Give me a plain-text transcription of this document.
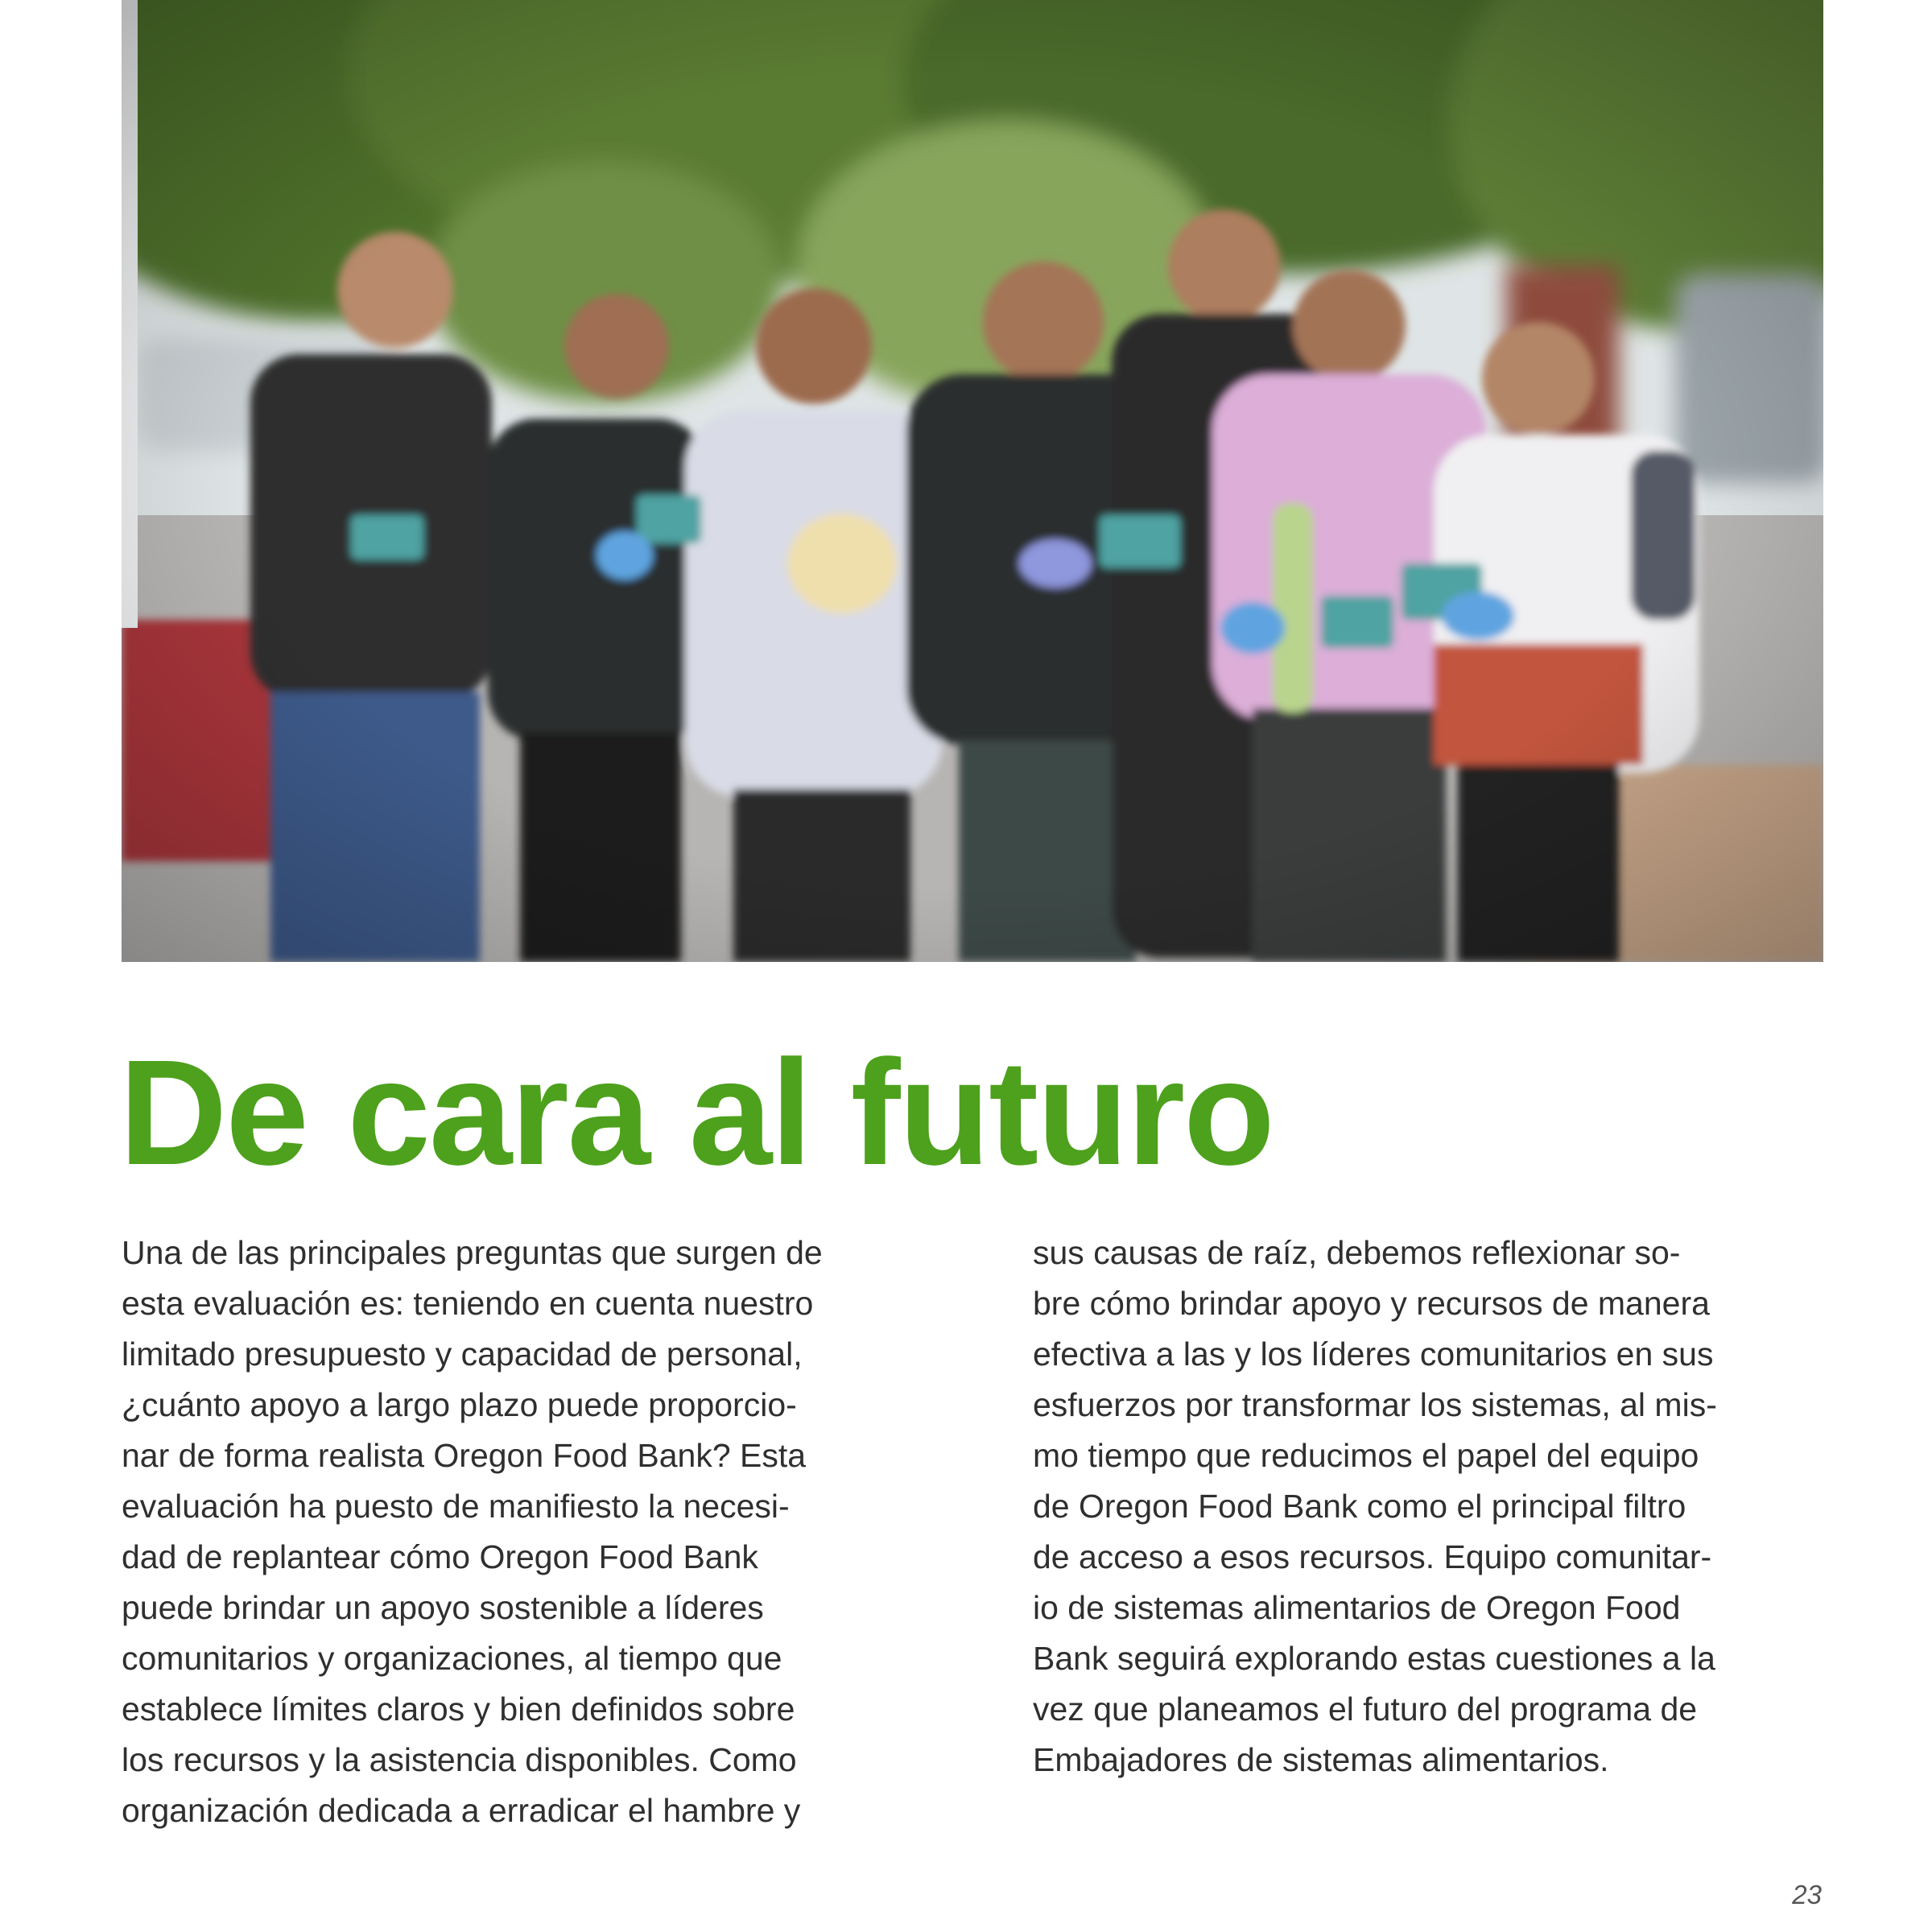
De cara al futuro
Una de las principales preguntas que surgen de
esta evaluación es: teniendo en cuenta nuestro
limitado presupuesto y capacidad de personal,
¿cuánto apoyo a largo plazo puede proporcio-
nar de forma realista Oregon Food Bank? Esta
evaluación ha puesto de manifiesto la necesi-
dad de replantear cómo Oregon Food Bank
puede brindar un apoyo sostenible a líderes
comunitarios y organizaciones, al tiempo que
establece límites claros y bien definidos sobre
los recursos y la asistencia disponibles. Como
organización dedicada a erradicar el hambre y
sus causas de raíz, debemos reflexionar so-
bre cómo brindar apoyo y recursos de manera
efectiva a las y los líderes comunitarios en sus
esfuerzos por transformar los sistemas, al mis-
mo tiempo que reducimos el papel del equipo
de Oregon Food Bank como el principal filtro
de acceso a esos recursos. Equipo comunitar-
io de sistemas alimentarios de Oregon Food
Bank seguirá explorando estas cuestiones a la
vez que planeamos el futuro del programa de
Embajadores de sistemas alimentarios.
23
